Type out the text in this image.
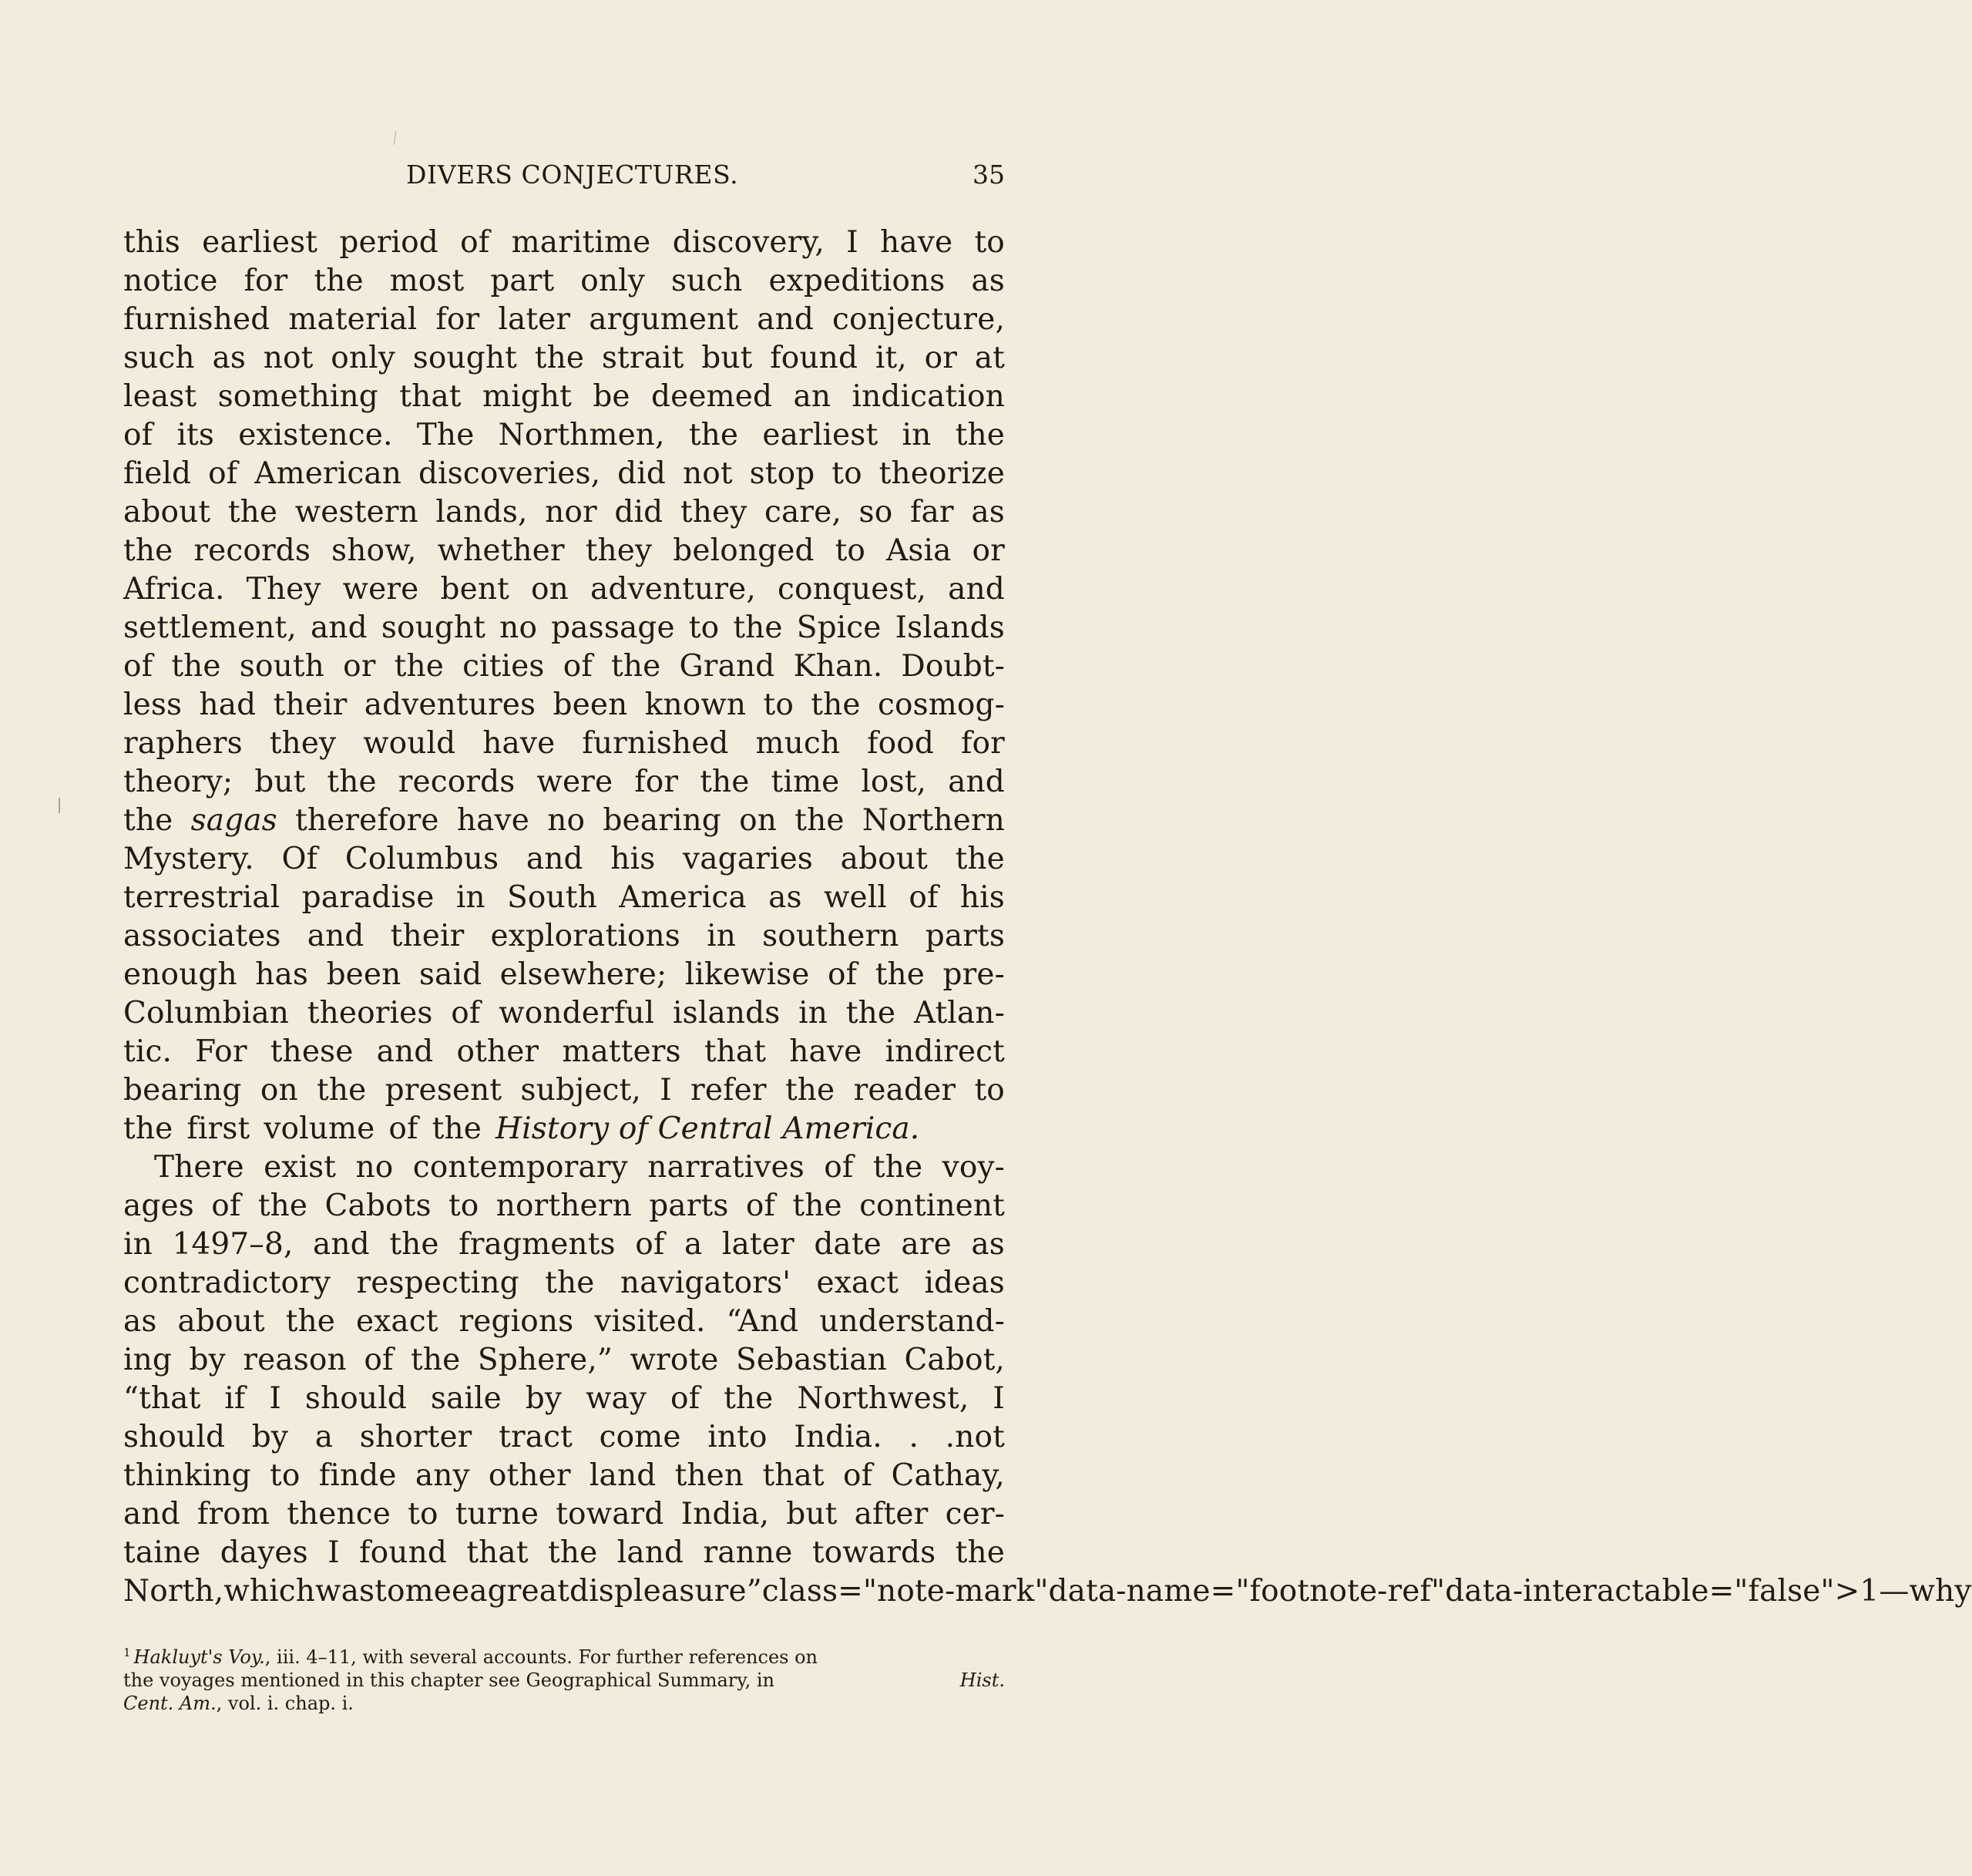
DIVERS CONJECTURES.	35
this earliest period of maritime discovery, I have to
notice for the most part only such expeditions as
furnished material for later argument and conjecture,
such as not only sought the strait but found it, or at
least something that might be deemed an indication
of its existence. The Northmen, the earliest in the
field of American discoveries, did not stop to theorize
about the western lands, nor did they care, so far as
the records show, whether they belonged to Asia or
Africa. They were bent on adventure, conquest, and
settlement, and sought no passage to the Spice Islands
of the south or the cities of the Grand Khan. Doubt-
less had their adventures been known to the cosmog-
raphers they would have furnished much food for
theory; but the records were for the time lost, and
the sagas therefore have no bearing on the Northern
Mystery. Of Columbus and his vagaries about the
terrestrial paradise in South America as well of his
associates and their explorations in southern parts
enough has been said elsewhere; likewise of the pre-
Columbian theories of wonderful islands in the Atlan-
tic. For these and other matters that have indirect
bearing on the present subject, I refer the reader to
the first volume of the History of Central America.
There exist no contemporary narratives of the voy-
ages of the Cabots to northern parts of the continent
in 1497–8, and the fragments of a later date are as
contradictory respecting the navigators' exact ideas
as about the exact regions visited. “And understand-
ing by reason of the Sphere,” wrote Sebastian Cabot,
“that if I should saile by way of the Northwest, I
should by a shorter tract come into India. . .not
thinking to finde any other land then that of Cathay,
and from thence to turne toward India, but after cer-
taine dayes I found that the land ranne towards the
North, which was to mee a great displeasure”class="note-mark"data-name="footnote-ref"data-interactable="false">1—why
$^1$ Hakluyt's Voy., iii. 4–11, with several accounts. For further references on
the voyages mentioned in this chapter see Geographical Summary, in	Hist.
Cent. Am., vol. i. chap. i.
